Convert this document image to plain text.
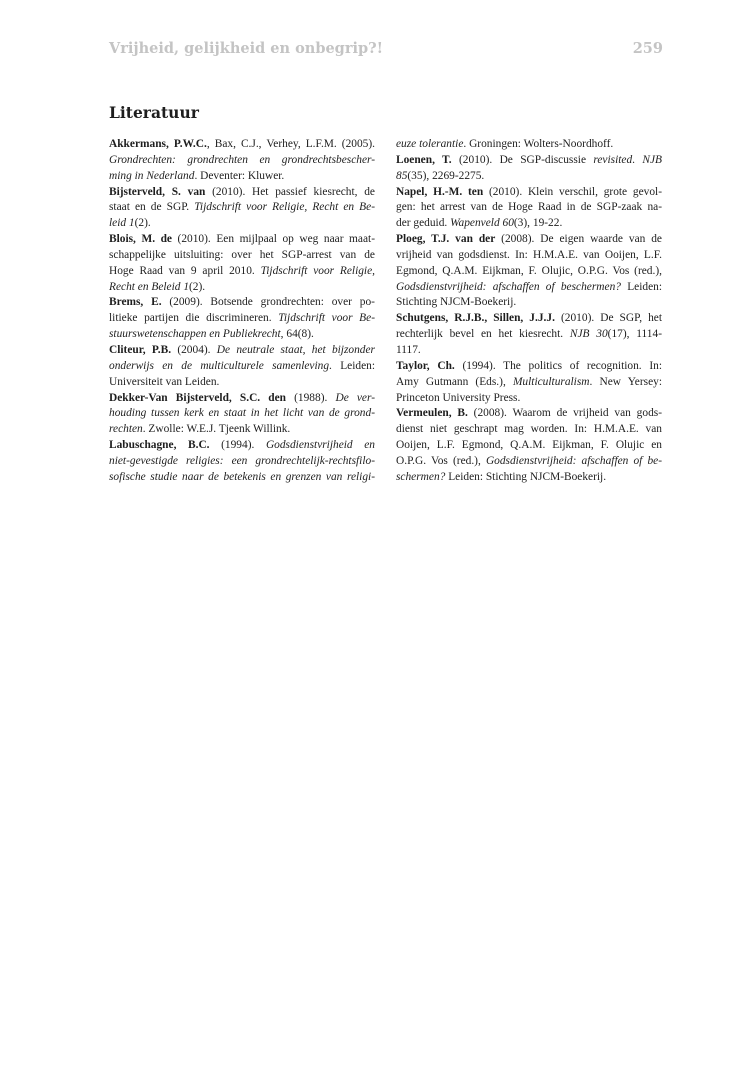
Vrijheid, gelijkheid en onbegrip?!	259
Literatuur
Akkermans, P.W.C., Bax, C.J., Verhey, L.F.M. (2005).
Grondrechten: grondrechten en grondrechtsbescher-
ming in Nederland. Deventer: Kluwer.
Bijsterveld, S. van (2010). Het passief kiesrecht, de
staat en de SGP. Tijdschrift voor Religie, Recht en Be-
leid 1(2).
Blois, M. de (2010). Een mijlpaal op weg naar maat-
schappelijke uitsluiting: over het SGP-arrest van de
Hoge Raad van 9 april 2010. Tijdschrift voor Religie,
Recht en Beleid 1(2).
Brems, E. (2009). Botsende grondrechten: over po-
litieke partijen die discrimineren. Tijdschrift voor Be-
stuurswetenschappen en Publiekrecht, 64(8).
Cliteur, P.B. (2004). De neutrale staat, het bijzonder
onderwijs en de multiculturele samenleving. Leiden:
Universiteit van Leiden.
Dekker-Van Bijsterveld, S.C. den (1988). De ver-
houding tussen kerk en staat in het licht van de grond-
rechten. Zwolle: W.E.J. Tjeenk Willink.
Labuschagne, B.C. (1994). Godsdienstvrijheid en
niet-gevestigde religies: een grondrechtelijk-rechtsfilo-
sofische studie naar de betekenis en grenzen van religi-
euze tolerantie. Groningen: Wolters-Noordhoff.
Loenen, T. (2010). De SGP-discussie revisited. NJB
85(35), 2269-2275.
Napel, H.-M. ten (2010). Klein verschil, grote gevol-
gen: het arrest van de Hoge Raad in de SGP-zaak na-
der geduid. Wapenveld 60(3), 19-22.
Ploeg, T.J. van der (2008). De eigen waarde van de
vrijheid van godsdienst. In: H.M.A.E. van Ooijen, L.F.
Egmond, Q.A.M. Eijkman, F. Olujic, O.P.G. Vos (red.),
Godsdienstvrijheid: afschaffen of beschermen? Leiden:
Stichting NJCM-Boekerij.
Schutgens, R.J.B., Sillen, J.J.J. (2010). De SGP, het
rechterlijk bevel en het kiesrecht. NJB 30(17), 1114-
1117.
Taylor, Ch. (1994). The politics of recognition. In:
Amy Gutmann (Eds.), Multiculturalism. New Yersey:
Princeton University Press.
Vermeulen, B. (2008). Waarom de vrijheid van gods-
dienst niet geschrapt mag worden. In: H.M.A.E. van
Ooijen, L.F. Egmond, Q.A.M. Eijkman, F. Olujic en
O.P.G. Vos (red.), Godsdienstvrijheid: afschaffen of be-
schermen? Leiden: Stichting NJCM-Boekerij.
